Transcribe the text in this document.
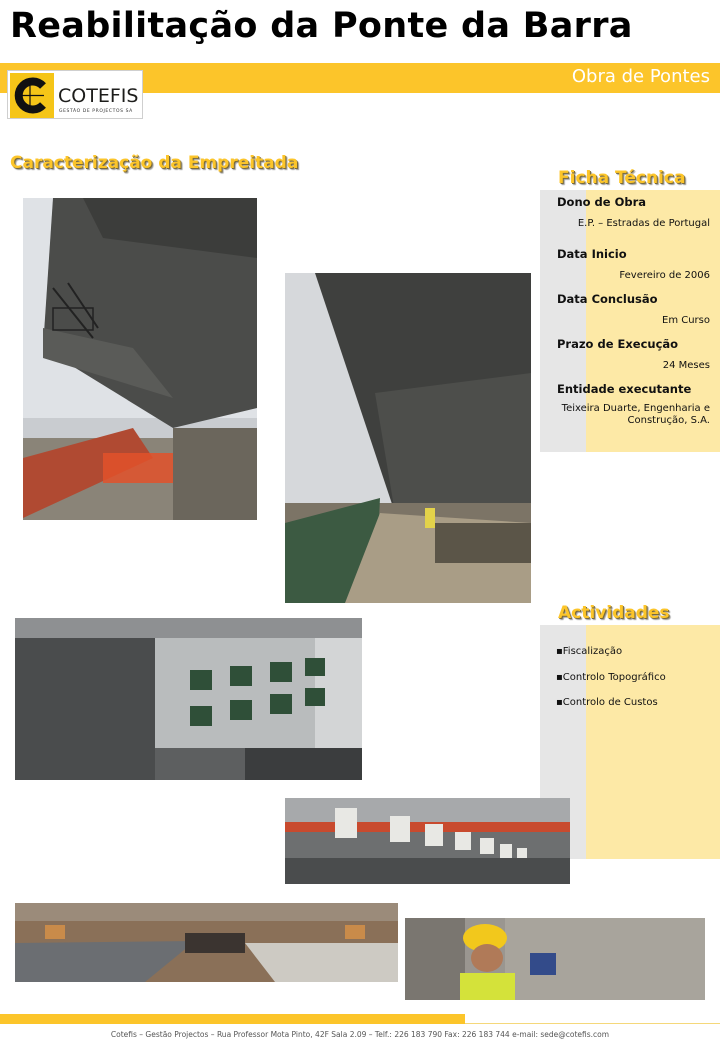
Reabilitação da Ponte da Barra
Obra de Pontes
COTEFIS
GESTÃO DE PROJECTOS SA
Caracterização da Empreitada
Ficha Técnica
Dono de Obra
E.P. – Estradas de Portugal
Data Inicio
Fevereiro de 2006
Data Conclusão
Em Curso
Prazo de Execução
24 Meses
Entidade executante
Teixeira Duarte, Engenharia e Construção, S.A.
Actividades
▪Fiscalização
▪Controlo Topográfico
▪Controlo de Custos
Cotefis – Gestão Projectos – Rua Professor Mota Pinto, 42F Sala 2.09 – Telf.: 226 183 790 Fax: 226 183 744 e-mail: sede@cotefis.com
